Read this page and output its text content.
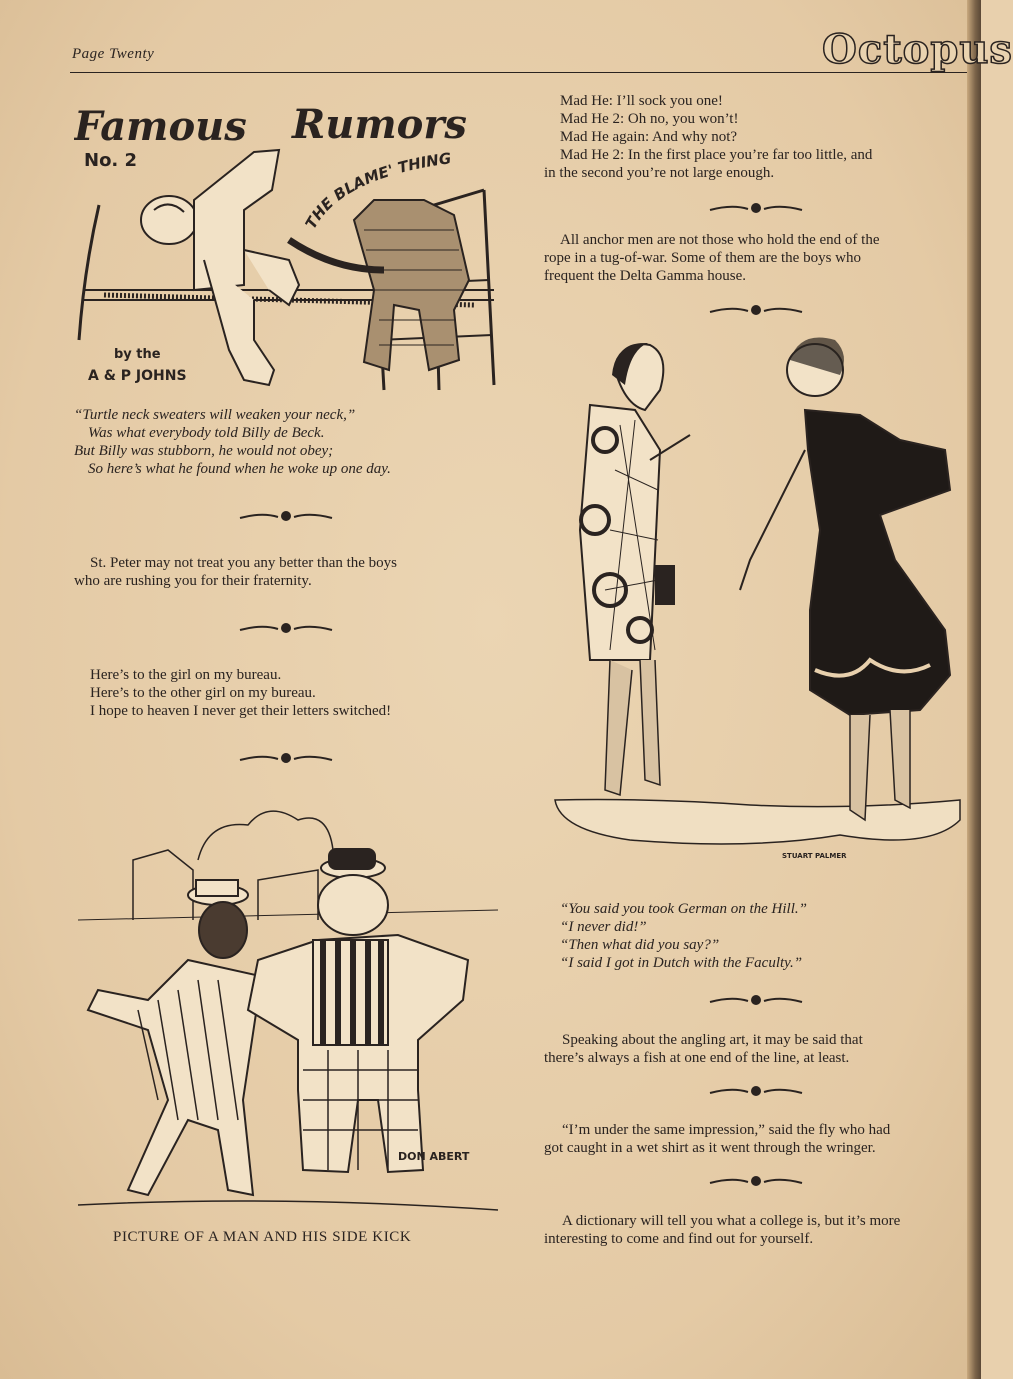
Page Twenty	Octopus
Famous Rumors
No. 2
THE BLAME' THING
by the
A & P JOHNS
“Turtle neck sweaters will weaken your neck,”
Was what everybody told Billy de Beck.
But Billy was stubborn, he would not obey;
So here’s what he found when he woke up one day.
St. Peter may not treat you any better than the boys
who are rushing you for their fraternity.
Here’s to the girl on my bureau.
Here’s to the other girl on my bureau.
I hope to heaven I never get their letters switched!
DON ABERT
PICTURE OF A MAN AND HIS SIDE KICK
Mad He: I’ll sock you one!
Mad He 2: Oh no, you won’t!
Mad He again: And why not?
Mad He 2: In the first place you’re far too little, and
in the second you’re not large enough.
All anchor men are not those who hold the end of the
rope in a tug-of-war. Some of them are the boys who
frequent the Delta Gamma house.
STUART PALMER
“You said you took German on the Hill.”
“I never did!”
“Then what did you say?”
“I said I got in Dutch with the Faculty.”
Speaking about the angling art, it may be said that
there’s always a fish at one end of the line, at least.
“I’m under the same impression,” said the fly who had
got caught in a wet shirt as it went through the wringer.
A dictionary will tell you what a college is, but it’s more
interesting to come and find out for yourself.
